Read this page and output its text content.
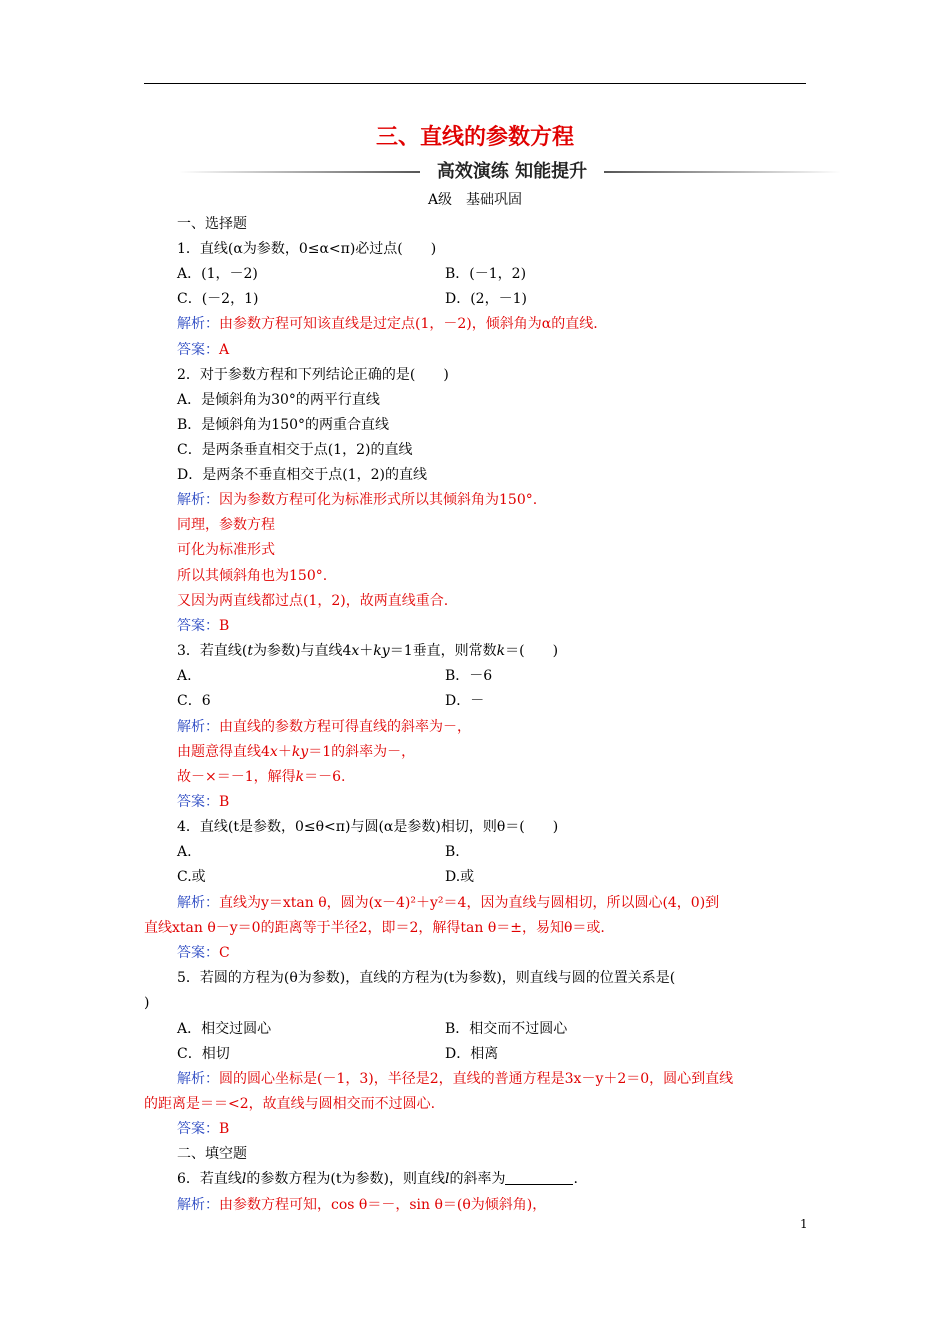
三、直线的参数方程
高效演练 知能提升
A级　基础巩固
一、选择题
1．直线(α为参数，0≤α<π)必过点(　　)
A．(1，－2)	B．(－1，2)
C．(－2，1)	D．(2，－1)
解析：由参数方程可知该直线是过定点(1，－2)，倾斜角为α的直线.
答案：A
2．对于参数方程和下列结论正确的是(　　)
A．是倾斜角为30°的两平行直线
B．是倾斜角为150°的两重合直线
C．是两条垂直相交于点(1，2)的直线
D．是两条不垂直相交于点(1，2)的直线
解析：因为参数方程可化为标准形式所以其倾斜角为150°.
同理，参数方程
可化为标准形式
所以其倾斜角也为150°.
又因为两直线都过点(1，2)，故两直线重合.
答案：B
3．若直线(t为参数)与直线4x＋ky＝1垂直，则常数k＝(　　)
A.	B．－6
C．6	D．－
解析：由直线的参数方程可得直线的斜率为－，
由题意得直线4x＋ky＝1的斜率为－，
故－×＝－1，解得k＝－6.
答案：B
4．直线(t是参数，0≤θ<π)与圆(α是参数)相切，则θ＝(　　)
A.	B.
C.或	D.或
解析：直线为y＝xtan θ，圆为(x－4)²＋y²＝4，因为直线与圆相切，所以圆心(4，0)到
直线xtan θ－y＝0的距离等于半径2，即＝2，解得tan θ＝±，易知θ＝或.
答案：C
5．若圆的方程为(θ为参数)，直线的方程为(t为参数)，则直线与圆的位置关系是(
)
A．相交过圆心	B．相交而不过圆心
C．相切	D．相离
解析：圆的圆心坐标是(－1，3)，半径是2，直线的普通方程是3x－y＋2＝0，圆心到直线
的距离是＝＝<2，故直线与圆相交而不过圆心.
答案：B
二、填空题
6．若直线l的参数方程为(t为参数)，则直线l的斜率为	.
解析：由参数方程可知，cos θ＝－，sin θ＝(θ为倾斜角)，
1
